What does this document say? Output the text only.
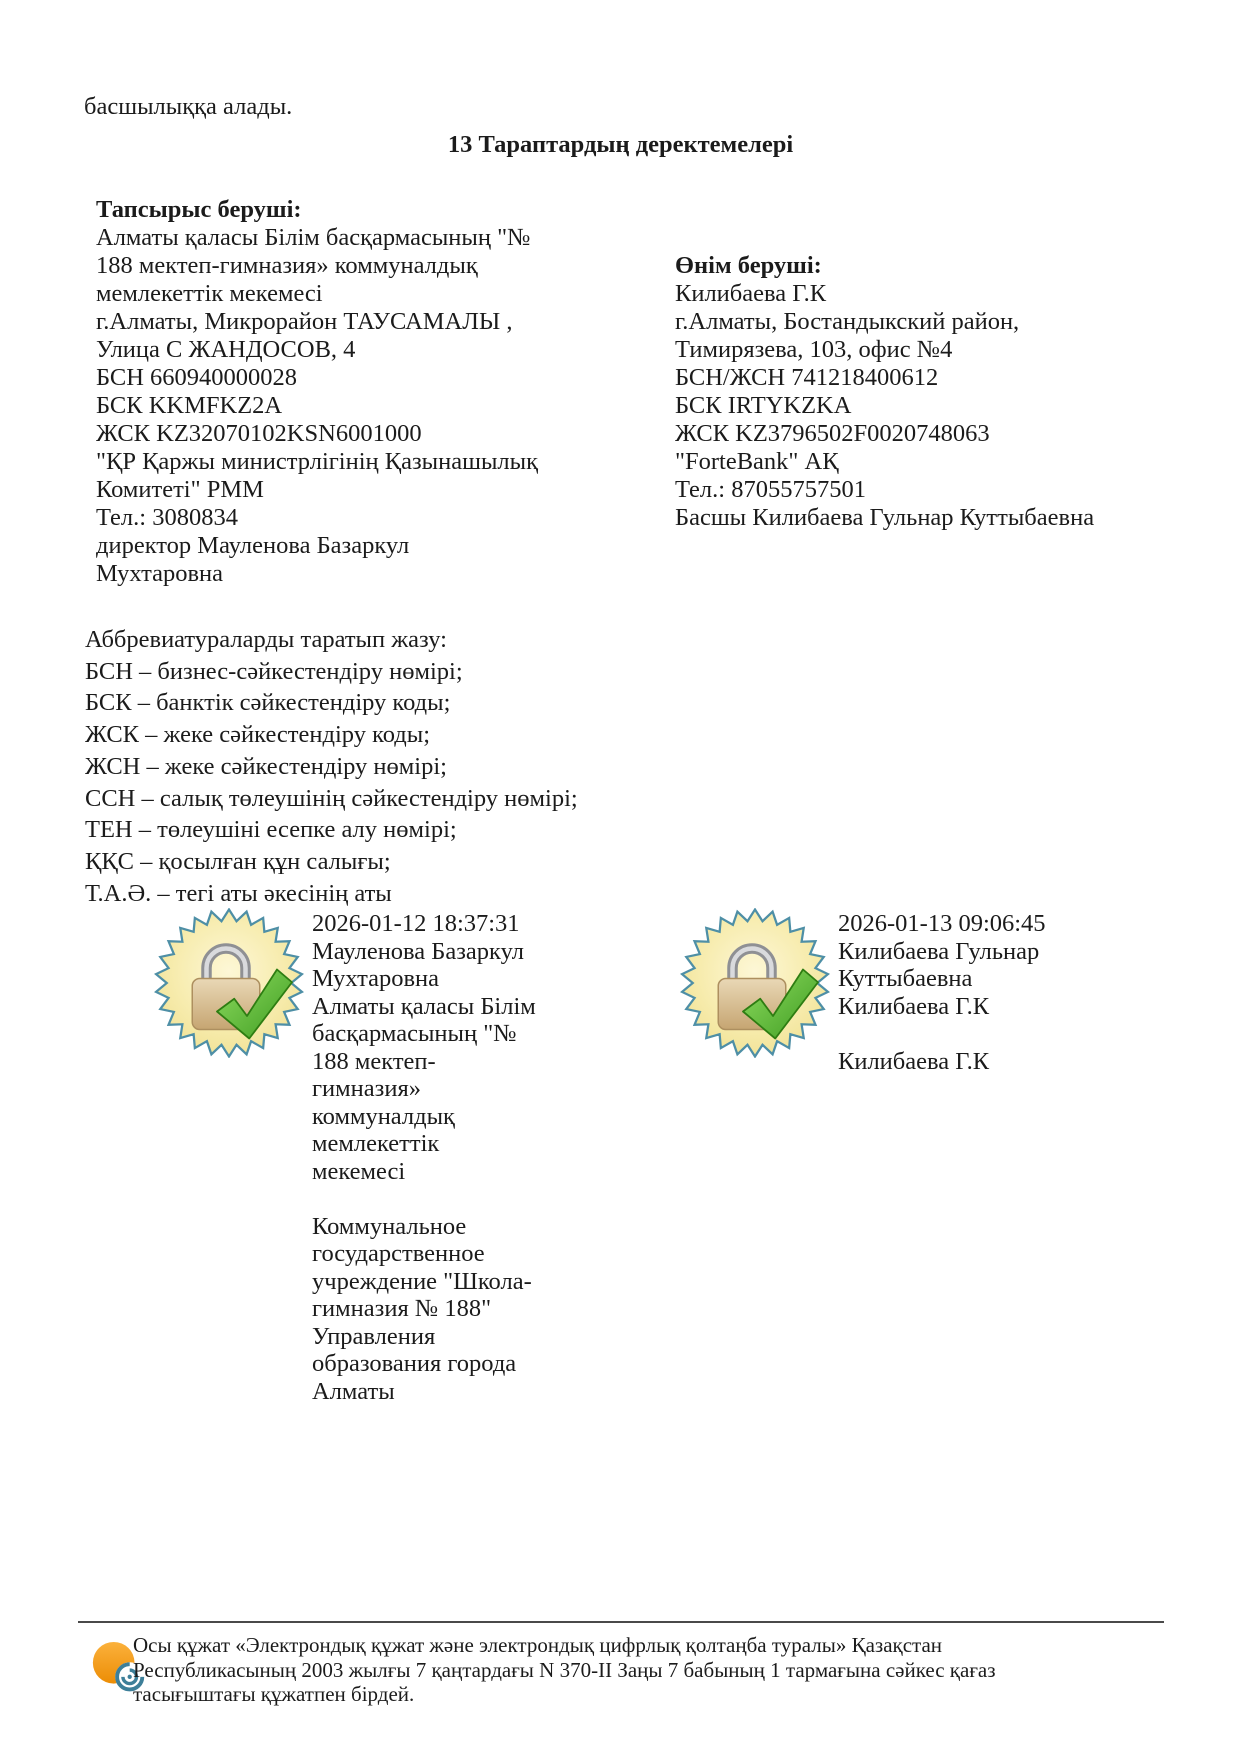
басшылыққа алады.
13 Тараптардың деректемелері
Тапсырыс беруші:
Алматы қаласы Білім басқармасының "№
188 мектеп-гимназия» коммуналдық
мемлекеттік мекемесі
г.Алматы, Микрорайон ТАУСАМАЛЫ ,
Улица С ЖАНДОСОВ, 4
БСН 660940000028
БСК KKMFKZ2A
ЖСК KZ32070102KSN6001000
"ҚР Қаржы министрлігінің Қазынашылық
Комитеті" РММ
Тел.: 3080834
директор Мауленова Базаркул
Мухтаровна
Өнім беруші:
Килибаева Г.К
г.Алматы, Бостандыкский район,
Тимирязева, 103, офис №4
БСН/ЖСН 741218400612
БСК IRTYKZKA
ЖСК KZ3796502F0020748063
"ForteBank" АҚ
Тел.: 87055757501
Басшы Килибаева Гульнар Куттыбаевна
Аббревиатураларды таратып жазу:
БСН – бизнес-сәйкестендіру нөмірі;
БСК – банктік сәйкестендіру коды;
ЖСК – жеке сәйкестендіру коды;
ЖСН – жеке сәйкестендіру нөмірі;
ССН – салық төлеушінің сәйкестендіру нөмірі;
ТЕН – төлеушіні есепке алу нөмірі;
ҚҚС – қосылған құн салығы;
Т.А.Ә. – тегі аты әкесінің аты
2026-01-12 18:37:31
Мауленова Базаркул
Мухтаровна
Алматы қаласы Білім
басқармасының "№
188 мектеп-
гимназия»
коммуналдық
мемлекеттік
мекемесі
Коммунальное
государственное
учреждение "Школа-
гимназия № 188"
Управления
образования города
Алматы
2026-01-13 09:06:45
Килибаева Гульнар
Куттыбаевна
Килибаева Г.К
Килибаева Г.К
Осы құжат «Электрондық құжат және электрондық цифрлық қолтаңба туралы» Қазақстан
Республикасының 2003 жылғы 7 қаңтардағы N 370-II Заңы 7 бабының 1 тармағына сәйкес қағаз
тасығыштағы құжатпен бірдей.
